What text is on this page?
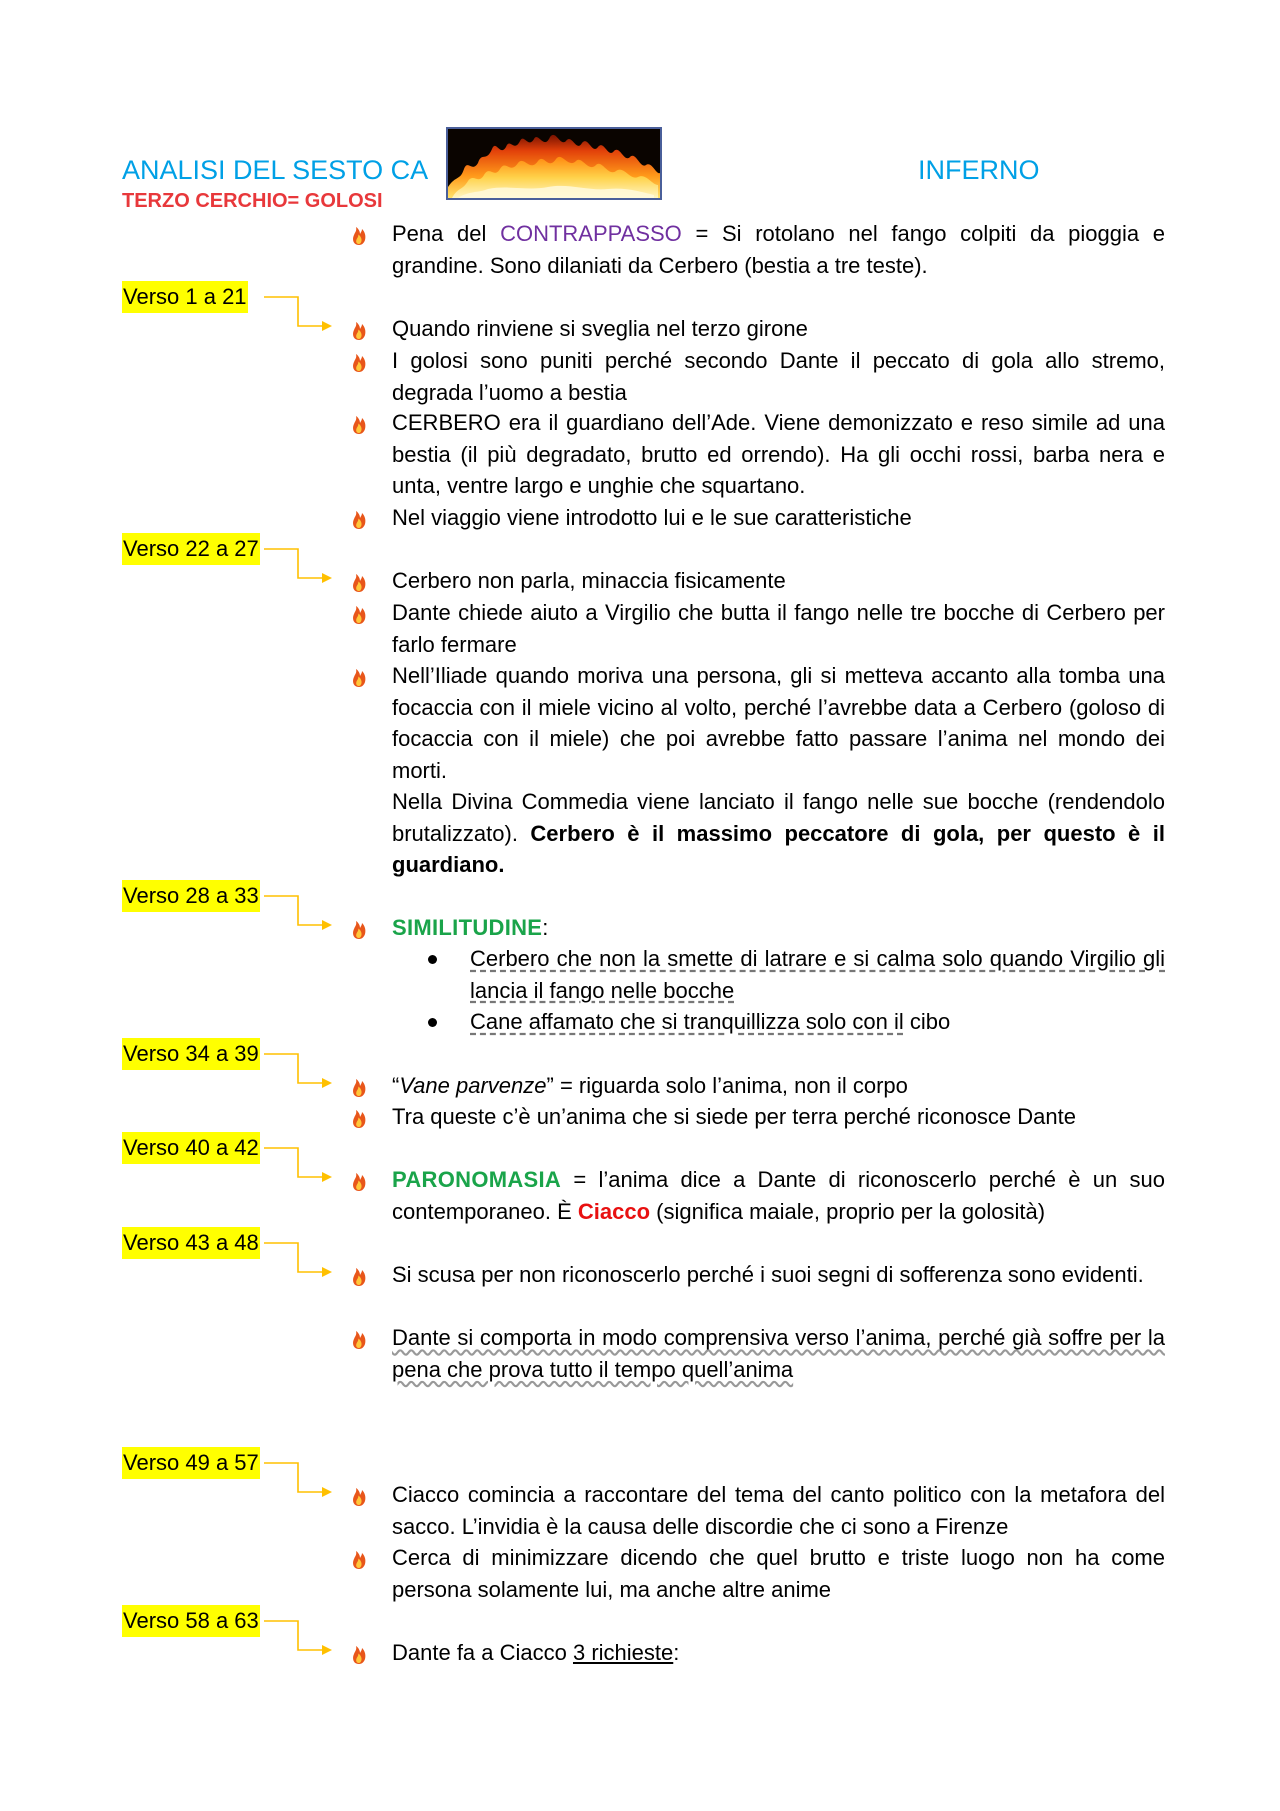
ANALISI DEL SESTO CA	INFERNO
TERZO CERCHIO= GOLOSI
Verso 1 a 21
Verso 22 a 27
Verso 28 a 33
Verso 34 a 39
Verso 40 a 42
Verso 43 a 48
Verso 49 a 57
Verso 58 a 63
Pena del CONTRAPPASSO = Si rotolano nel fango colpiti da pioggia e grandine. Sono dilaniati da Cerbero (bestia a tre teste).
Quando rinviene si sveglia nel terzo girone
I golosi sono puniti perché secondo Dante il peccato di gola allo stremo, degrada l’uomo a bestia
CERBERO era il guardiano dell’Ade. Viene demonizzato e reso simile ad una bestia (il più degradato, brutto ed orrendo). Ha gli occhi rossi, barba nera e unta, ventre largo e unghie che squartano.
Nel viaggio viene introdotto lui e le sue caratteristiche
Cerbero non parla, minaccia fisicamente
Dante chiede aiuto a Virgilio che butta il fango nelle tre bocche di Cerbero per farlo fermare

Nell’Iliade quando moriva una persona, gli si metteva accanto alla tomba una focaccia con il miele vicino al volto, perché l’avrebbe data a Cerbero (goloso di focaccia con il miele) che poi avrebbe fatto passare l’anima nel mondo dei morti.

Nella Divina Commedia viene lanciato il fango nelle sue bocche (rendendolo brutalizzato). Cerbero è il massimo peccatore di gola, per questo è il guardiano.

SIMILITUDINE:
Cerbero che non la smette di latrare e si calma solo quando Virgilio gli lancia il fango nelle bocche
Cane affamato che si tranquillizza solo con il cibo
“Vane parvenze” = riguarda solo l’anima, non il corpo
Tra queste c’è un’anima che si siede per terra perché riconosce Dante
PARONOMASIA = l’anima dice a Dante di riconoscerlo perché è un suo contemporaneo. È Ciacco (significa maiale, proprio per la golosità)
Si scusa per non riconoscerlo perché i suoi segni di sofferenza sono evidenti.
Dante si comporta in modo comprensiva verso l’anima, perché già soffre per la pena che prova tutto il tempo quell’anima
Ciacco comincia a raccontare del tema del canto politico con la metafora del sacco. L’invidia è la causa delle discordie che ci sono a Firenze
Cerca di minimizzare dicendo che quel brutto e triste luogo non ha come persona solamente lui, ma anche altre anime
Dante fa a Ciacco 3 richieste:
